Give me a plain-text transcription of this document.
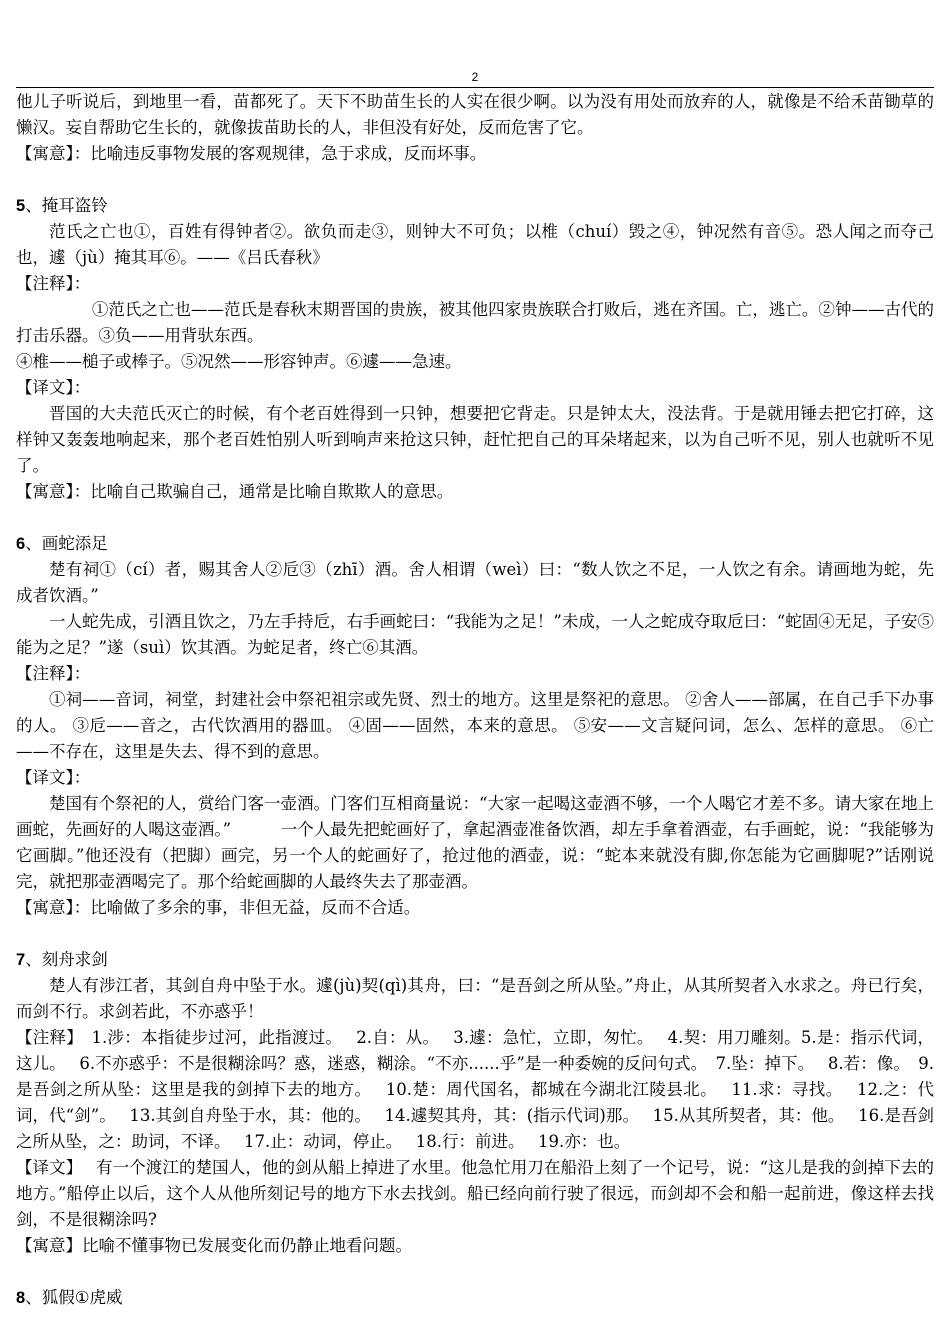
2

他儿子听说后，到地里一看，苗都死了。天下不助苗生长的人实在很少啊。以为没有用处而放弃的人，就像是不给禾苗锄草的懒汉。妄自帮助它生长的，就像拔苗助长的人，非但没有好处，反而危害了它。

【寓意】：比喻违反事物发展的客观规律，急于求成，反而坏事。

5、掩耳盗铃

范氏之亡也①，百姓有得钟者②。欲负而走③，则钟大不可负；以椎（chuí）毁之④，钟况然有音⑤。恐人闻之而夺己也，遽（jù）掩其耳⑥。——《吕氏春秋》

【注释】：

①范氏之亡也——范氏是春秋末期晋国的贵族，被其他四家贵族联合打败后，逃在齐国。亡，逃亡。②钟——古代的打击乐器。③负——用背驮东西。

④椎——槌子或棒子。⑤况然——形容钟声。⑥遽——急速。

【译文】：

晋国的大夫范氏灭亡的时候，有个老百姓得到一只钟，想要把它背走。只是钟太大，没法背。于是就用锤去把它打碎，这样钟又轰轰地响起来，那个老百姓怕别人听到响声来抢这只钟，赶忙把自己的耳朵堵起来，以为自己听不见，别人也就听不见了。

【寓意】：比喻自己欺骗自己，通常是比喻自欺欺人的意思。

6、画蛇添足

楚有祠①（cí）者，赐其舍人②卮③（zhī）酒。舍人相谓（weì）曰：“数人饮之不足，一人饮之有余。请画地为蛇，先成者饮酒。”

一人蛇先成，引酒且饮之，乃左手持卮，右手画蛇曰：“我能为之足！”未成，一人之蛇成夺取卮曰：“蛇固④无足，子安⑤能为之足？”遂（suì）饮其酒。为蛇足者，终亡⑥其酒。

【注释】：

①祠——音词，祠堂，封建社会中祭祀祖宗或先贤、烈士的地方。这里是祭祀的意思。 ②舍人——部属，在自己手下办事的人。 ③卮——音之，古代饮酒用的器皿。 ④固——固然，本来的意思。 ⑤安——文言疑问词，怎么、怎样的意思。 ⑥亡——不存在，这里是失去、得不到的意思。

【译文】：

楚国有个祭祀的人，赏给门客一壶酒。门客们互相商量说：“大家一起喝这壶酒不够，一个人喝它才差不多。请大家在地上画蛇，先画好的人喝这壶酒。”　　　一个人最先把蛇画好了，拿起酒壶准备饮酒，却左手拿着酒壶，右手画蛇，说：“我能够为它画脚。”他还没有（把脚）画完，另一个人的蛇画好了，抢过他的酒壶，说：“蛇本来就没有脚,你怎能为它画脚呢?”话刚说完，就把那壶酒喝完了。那个给蛇画脚的人最终失去了那壶酒。

【寓意】：比喻做了多余的事，非但无益，反而不合适。

7、刻舟求剑

楚人有涉江者，其剑自舟中坠于水。遽(jù)契(qì)其舟，曰：“是吾剑之所从坠。”舟止，从其所契者入水求之。舟已行矣，而剑不行。求剑若此，不亦惑乎！

【注释】　1.涉：本指徒步过河，此指渡过。　 2.自：从。　 3.遽：急忙，立即，匆忙。　 4.契：用刀雕刻。5.是：指示代词，这儿。　 6.不亦惑乎：不是很糊涂吗？惑，迷惑，糊涂。“不亦......乎”是一种委婉的反问句式。　7.坠：掉下。　 8.若：像。　9.是吾剑之所从坠：这里是我的剑掉下去的地方。　 10.楚：周代国名，都城在今湖北江陵县北。　 11.求：寻找。　 12.之：代词，代“剑”。　 13.其剑自舟坠于水，其：他的。　 14.遽契其舟，其：(指示代词)那。　 15.从其所契者，其：他。　 16.是吾剑之所从坠，之：助词，不译。　 17.止：动词，停止。　 18.行：前进。　 19.亦：也。

【译文】　 有一个渡江的楚国人，他的剑从船上掉进了水里。他急忙用刀在船沿上刻了一个记号，说：“这儿是我的剑掉下去的地方。”船停止以后，这个人从他所刻记号的地方下水去找剑。船已经向前行驶了很远，而剑却不会和船一起前进，像这样去找剑，不是很糊涂吗?

【寓意】比喻不懂事物已发展变化而仍静止地看问题。

8、狐假①虎威
